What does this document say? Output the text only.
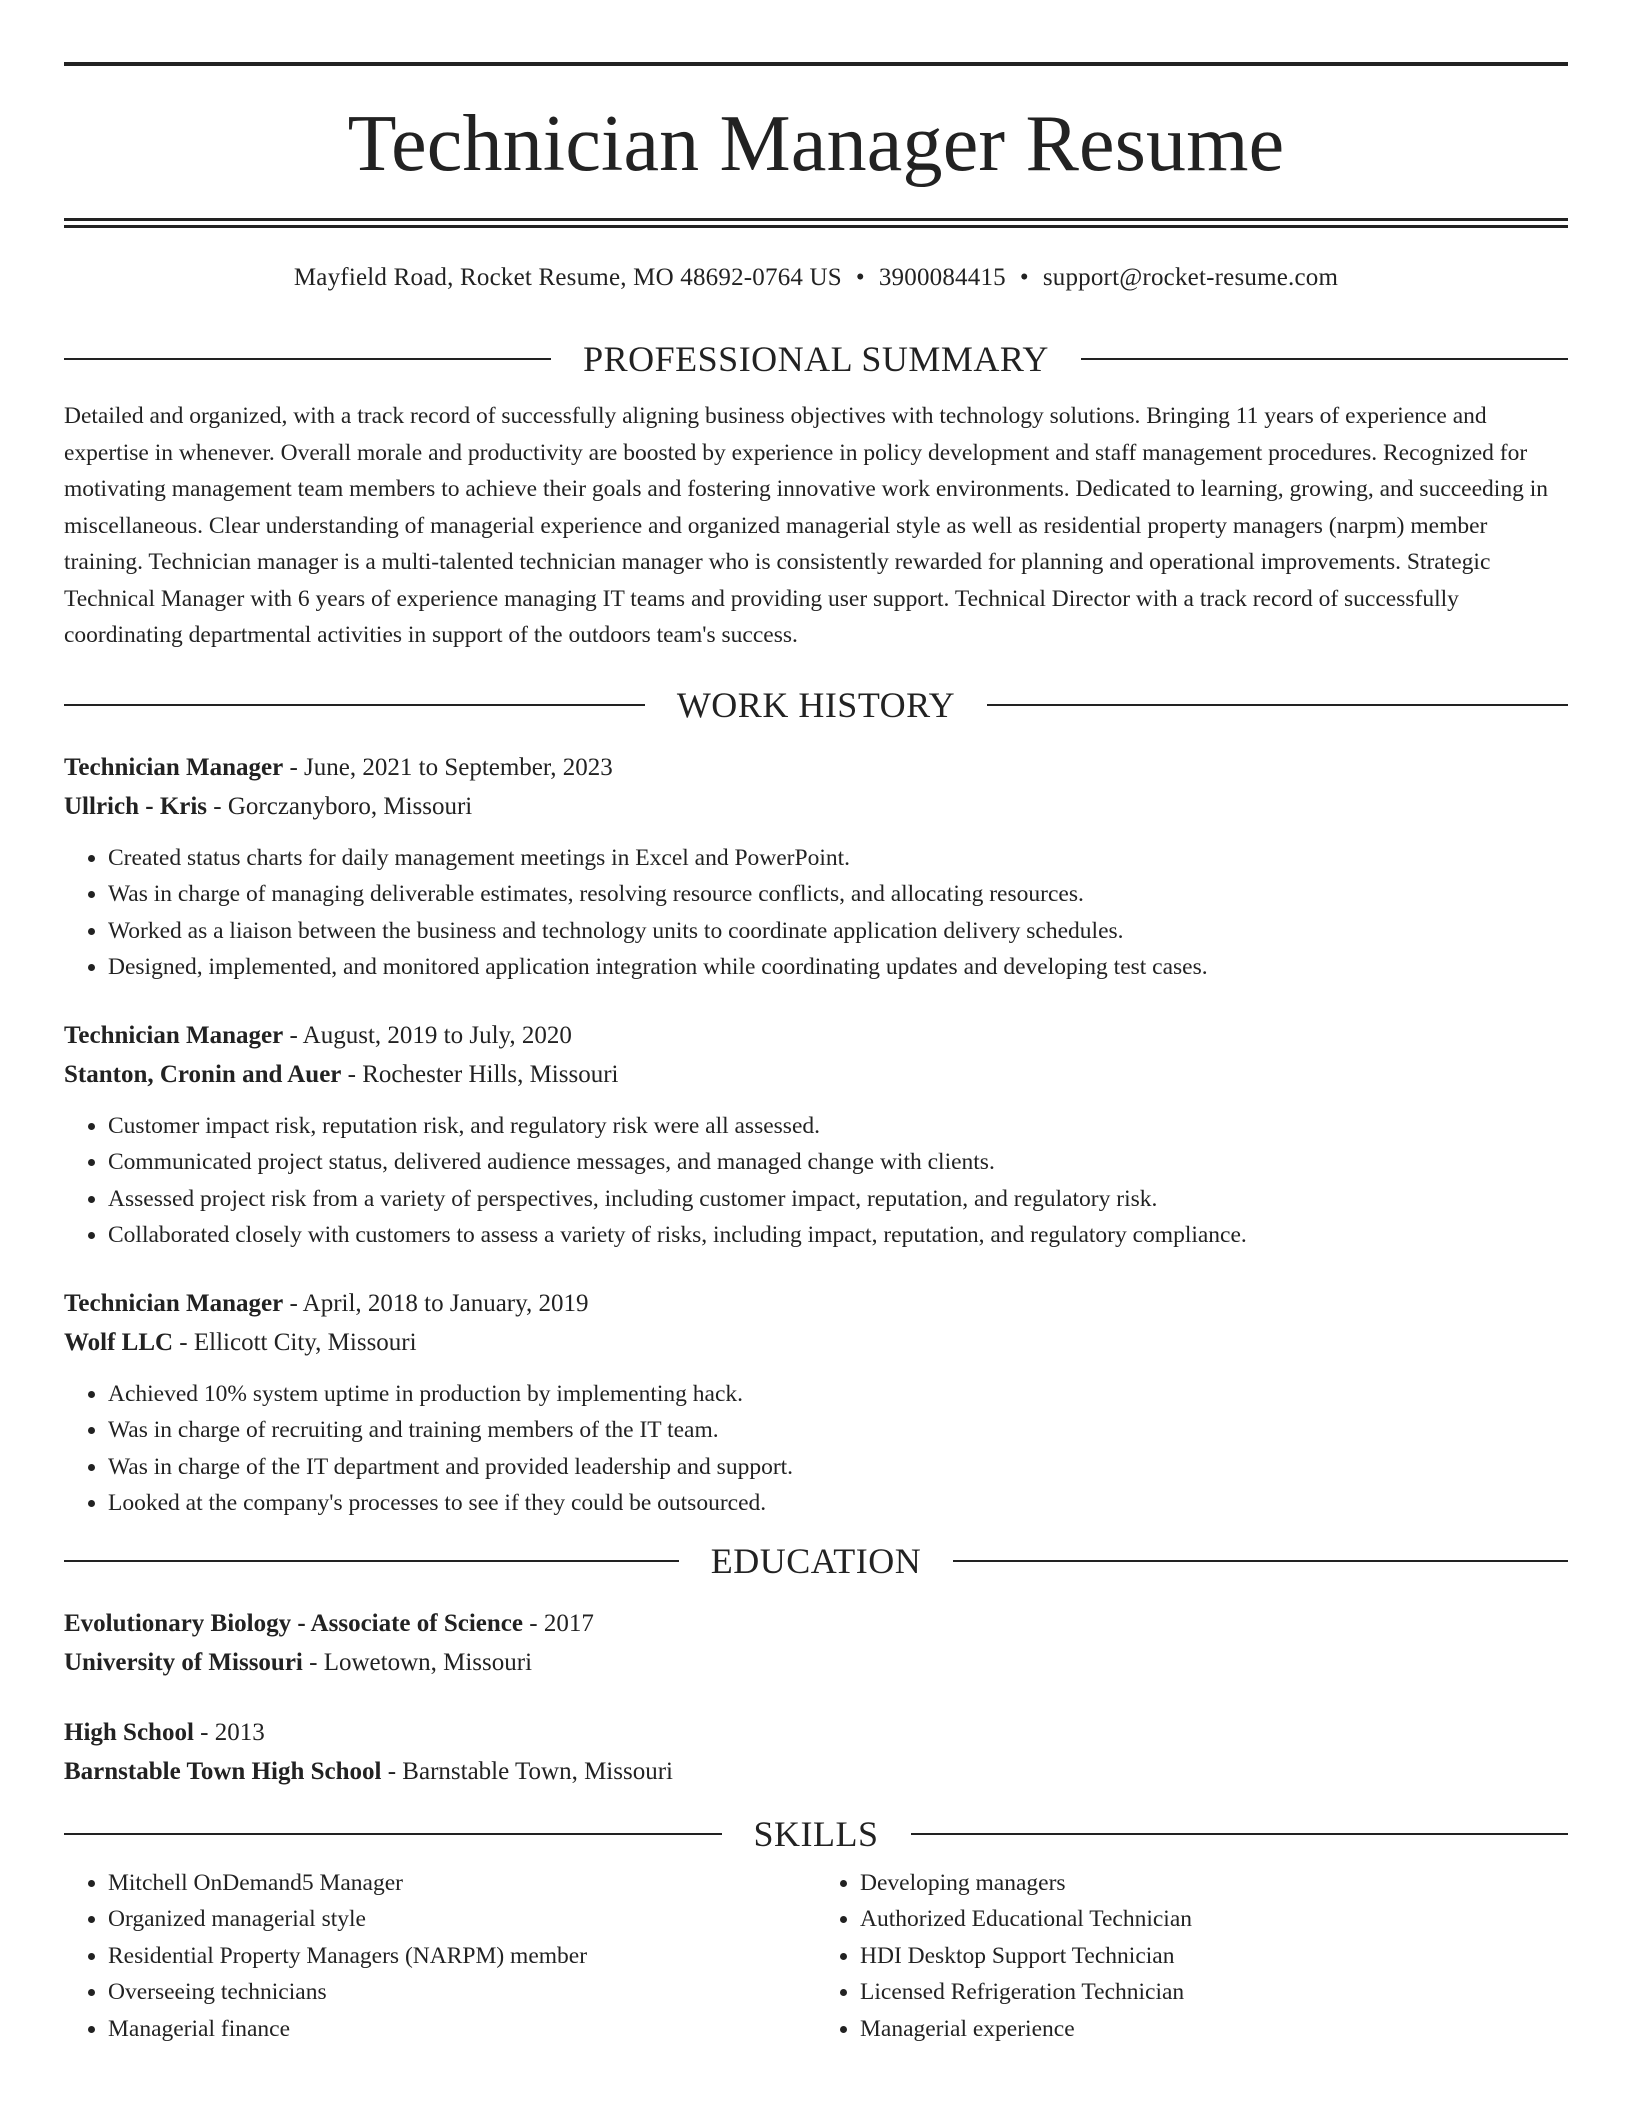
Technician Manager Resume
Mayfield Road, Rocket Resume, MO 48692-0764 US • 3900084415 • support@rocket-resume.com
PROFESSIONAL SUMMARY
Detailed and organized, with a track record of successfully aligning business objectives with technology solutions. Bringing 11 years of experience and expertise in whenever. Overall morale and productivity are boosted by experience in policy development and staff management procedures. Recognized for motivating management team members to achieve their goals and fostering innovative work environments. Dedicated to learning, growing, and succeeding in miscellaneous. Clear understanding of managerial experience and organized managerial style as well as residential property managers (narpm) member training. Technician manager is a multi-talented technician manager who is consistently rewarded for planning and operational improvements. Strategic Technical Manager with 6 years of experience managing IT teams and providing user support. Technical Director with a track record of successfully coordinating departmental activities in support of the outdoors team's success.
WORK HISTORY
Technician Manager - June, 2021 to September, 2023
Ullrich - Kris - Gorczanyboro, Missouri
• Created status charts for daily management meetings in Excel and PowerPoint.
• Was in charge of managing deliverable estimates, resolving resource conflicts, and allocating resources.
• Worked as a liaison between the business and technology units to coordinate application delivery schedules.
• Designed, implemented, and monitored application integration while coordinating updates and developing test cases.
Technician Manager - August, 2019 to July, 2020
Stanton, Cronin and Auer - Rochester Hills, Missouri
• Customer impact risk, reputation risk, and regulatory risk were all assessed.
• Communicated project status, delivered audience messages, and managed change with clients.
• Assessed project risk from a variety of perspectives, including customer impact, reputation, and regulatory risk.
• Collaborated closely with customers to assess a variety of risks, including impact, reputation, and regulatory compliance.
Technician Manager - April, 2018 to January, 2019
Wolf LLC - Ellicott City, Missouri
• Achieved 10% system uptime in production by implementing hack.
• Was in charge of recruiting and training members of the IT team.
• Was in charge of the IT department and provided leadership and support.
• Looked at the company's processes to see if they could be outsourced.
EDUCATION
Evolutionary Biology - Associate of Science - 2017
University of Missouri - Lowetown, Missouri
High School - 2013
Barnstable Town High School - Barnstable Town, Missouri
SKILLS
• Mitchell OnDemand5 Manager
• Organized managerial style
• Residential Property Managers (NARPM) member
• Overseeing technicians
• Managerial finance
• Developing managers
• Authorized Educational Technician
• HDI Desktop Support Technician
• Licensed Refrigeration Technician
• Managerial experience
